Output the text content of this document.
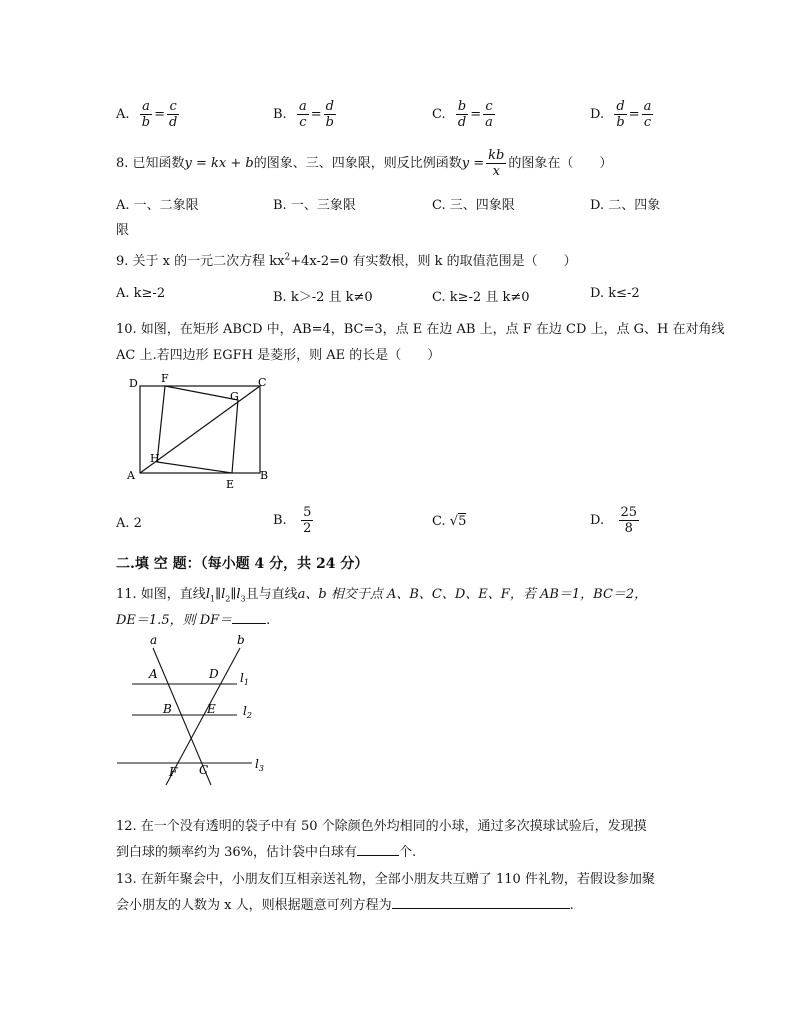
A. $\frac{a}{b} = \frac{c}{d}$	B. $\frac{a}{c} = \frac{d}{b}$	C. $\frac{b}{d} = \frac{c}{a}$	D. $\frac{d}{b} = \frac{a}{c}$
8. 已知函数y = kx + b的图象、三、四象限，则反比例函数$y = \frac{kb}{x}$ 的图象在（　　）
A. 一、二象限	B. 一、三象限	C. 三、四象限	D. 二、四象
限
9. 关于 x 的一元二次方程 $kx^2+4x-2=0$ 有实数根，则 k 的取值范围是（　　）
A. k≥-2	B. k＞-2 且 k≠0	C. k≥-2 且 k≠0	D. k≤-2
10. 如图，在矩形 ABCD 中，AB=4，BC=3，点 E 在边 AB 上，点 F 在边 CD 上，点 G、H 在对角线
AC 上.若四边形 EGFH 是菱形，则 AE 的长是（　　）
D F	C
G
H
A
E
B
A. 2	B. $\frac{5}{2}$	C. √5	D. $\frac{25}{8}$
二.填 空 题：（每小题 4 分，共 24 分）
11. 如图，直线$l_1\parallel l_2\parallel l_3$且与直线a、b 相交于点 A、B、C、D、E、F，若 AB＝1，BC＝2，
DE＝1.5，则 DF＝	.
a	b
A	D
B	E
F C
$l_1$
$l_2$
$l_3$
12. 在一个没有透明的袋子中有 50 个除颜色外均相同的小球，通过多次摸球试验后，发现摸
到白球的频率约为 36%，估计袋中白球有	个.
13. 在新年聚会中，小朋友们互相亲送礼物，全部小朋友共互赠了 110 件礼物，若假设参加聚
会小朋友的人数为 x 人，则根据题意可列方程为	.
